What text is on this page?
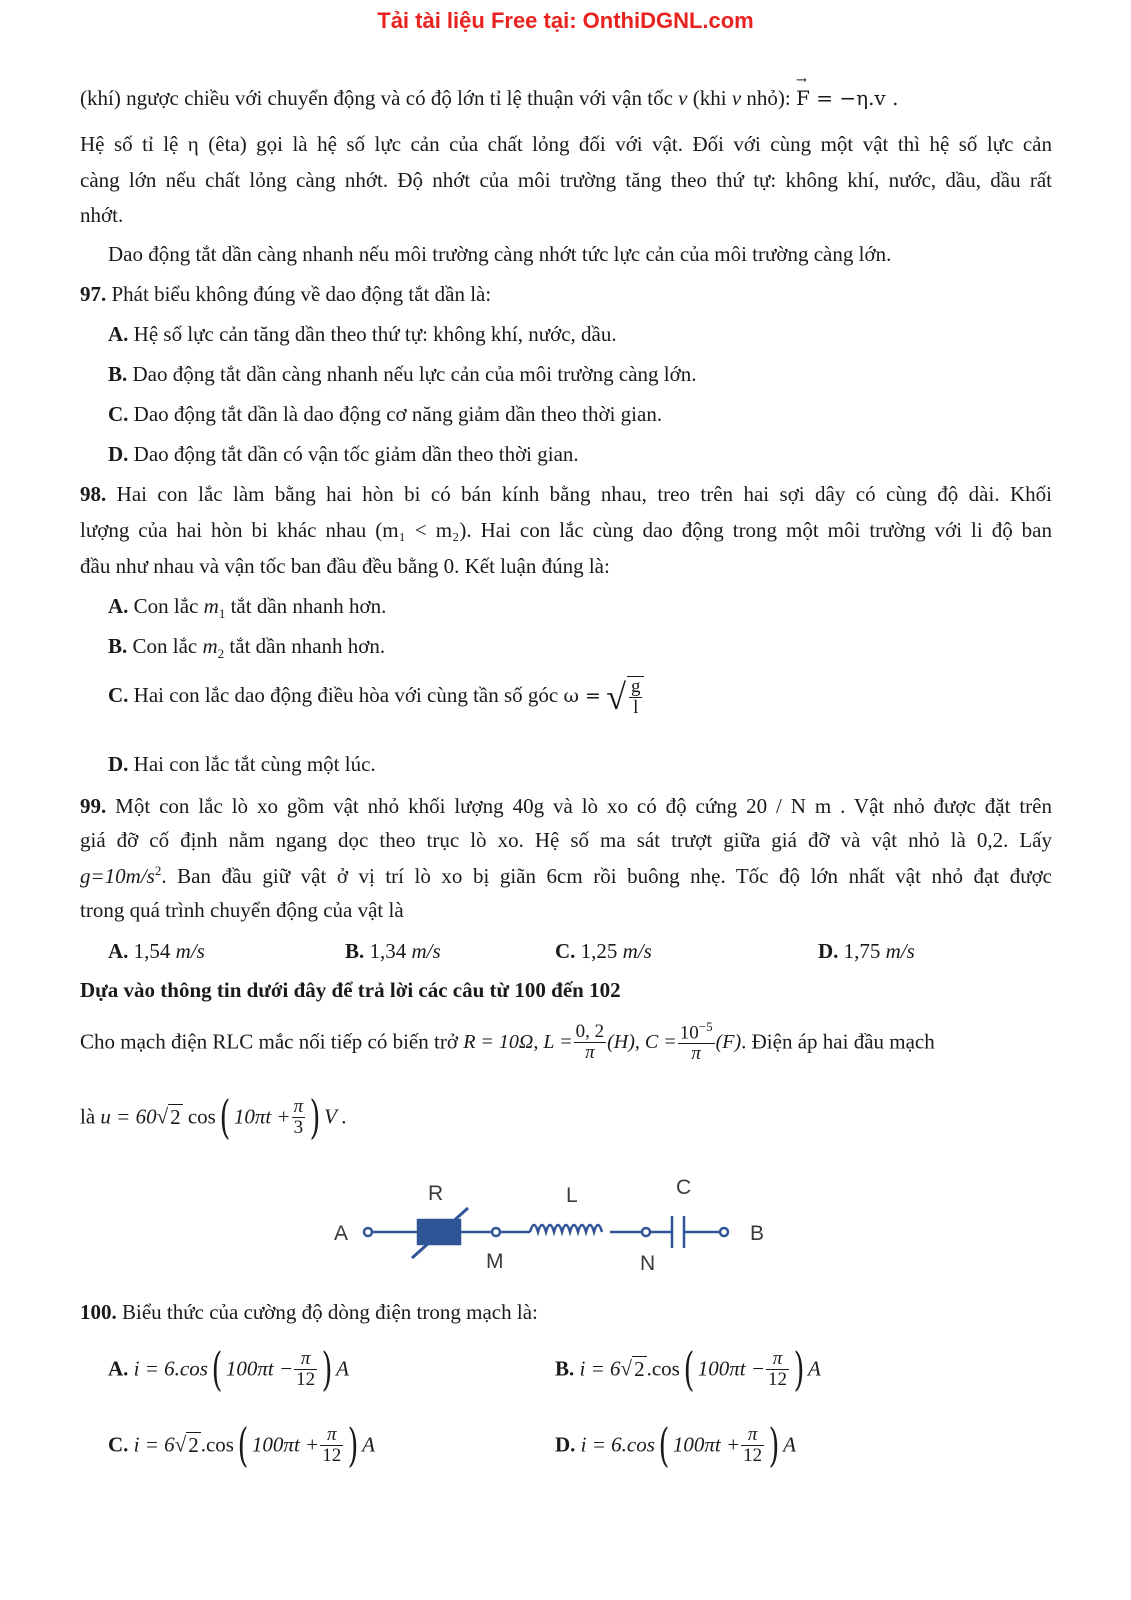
Tải tài liệu Free tại: OnthiDGNL.com
(khí) ngược chiều với chuyển động và có độ lớn tỉ lệ thuận với vận tốc v (khi v nhỏ): → F = −η.v .
Hệ số tỉ lệ η (êta) gọi là hệ số lực cản của chất lỏng đối với vật. Đối với cùng một vật thì hệ số lực cản
càng lớn nếu chất lỏng càng nhớt. Độ nhớt của môi trường tăng theo thứ tự: không khí, nước, dầu, dầu rất
nhớt.
Dao động tắt dần càng nhanh nếu môi trường càng nhớt tức lực cản của môi trường càng lớn.
97. Phát biểu không đúng về dao động tắt dần là:
A. Hệ số lực cản tăng dần theo thứ tự: không khí, nước, dầu.
B. Dao động tắt dần càng nhanh nếu lực cản của môi trường càng lớn.
C. Dao động tắt dần là dao động cơ năng giảm dần theo thời gian.
D. Dao động tắt dần có vận tốc giảm dần theo thời gian.
98. Hai con lắc làm bằng hai hòn bi có bán kính bằng nhau, treo trên hai sợi dây có cùng độ dài. Khối
lượng của hai hòn bi khác nhau (m₁ < m₂). Hai con lắc cùng dao động trong một môi trường với li độ ban
đầu như nhau và vận tốc ban đầu đều bằng 0. Kết luận đúng là:
A. Con lắc $m_1$ tắt dần nhanh hơn.
B. Con lắc $m_2$ tắt dần nhanh hơn.
C. Hai con lắc dao động điều hòa với cùng tần số góc ω = √ $\frac{g}{l}$
D. Hai con lắc tắt cùng một lúc.
99. Một con lắc lò xo gồm vật nhỏ khối lượng 40g và lò xo có độ cứng 20 / N m . Vật nhỏ được đặt trên
giá đỡ cố định nằm ngang dọc theo trục lò xo. Hệ số ma sát trượt giữa giá đỡ và vật nhỏ là 0,2. Lấy
$g=10m/s^2$. Ban đầu giữ vật ở vị trí lò xo bị giãn 6cm rồi buông nhẹ. Tốc độ lớn nhất vật nhỏ đạt được
trong quá trình chuyển động của vật là
A. 1,54 m/s	B. 1,34 m/s	C. 1,25 m/s	D. 1,75 m/s
Dựa vào thông tin dưới đây để trả lời các câu từ 100 đến 102
Cho mạch điện RLC mắc nối tiếp có biến trở R = 10Ω, $L = \frac{0, 2}{\pi} (H)$, $C = \frac{10^{-5}}{\pi} (F)$. Điện áp hai đầu mạch
là u = 60√2 cos( $10\pi t + \frac{\pi}{3}$ ) V .
A	B
R	L	C
M	N
100. Biểu thức của cường độ dòng điện trong mạch là:
A. i = 6.cos( $100\pi t - \frac{\pi}{12}$ ) A	B. i = 6√2.cos( $100\pi t - \frac{\pi}{12}$ ) A
C. i = 6√2.cos( $100\pi t + \frac{\pi}{12}$ ) A	D. i = 6.cos( $100\pi t + \frac{\pi}{12}$ ) A
